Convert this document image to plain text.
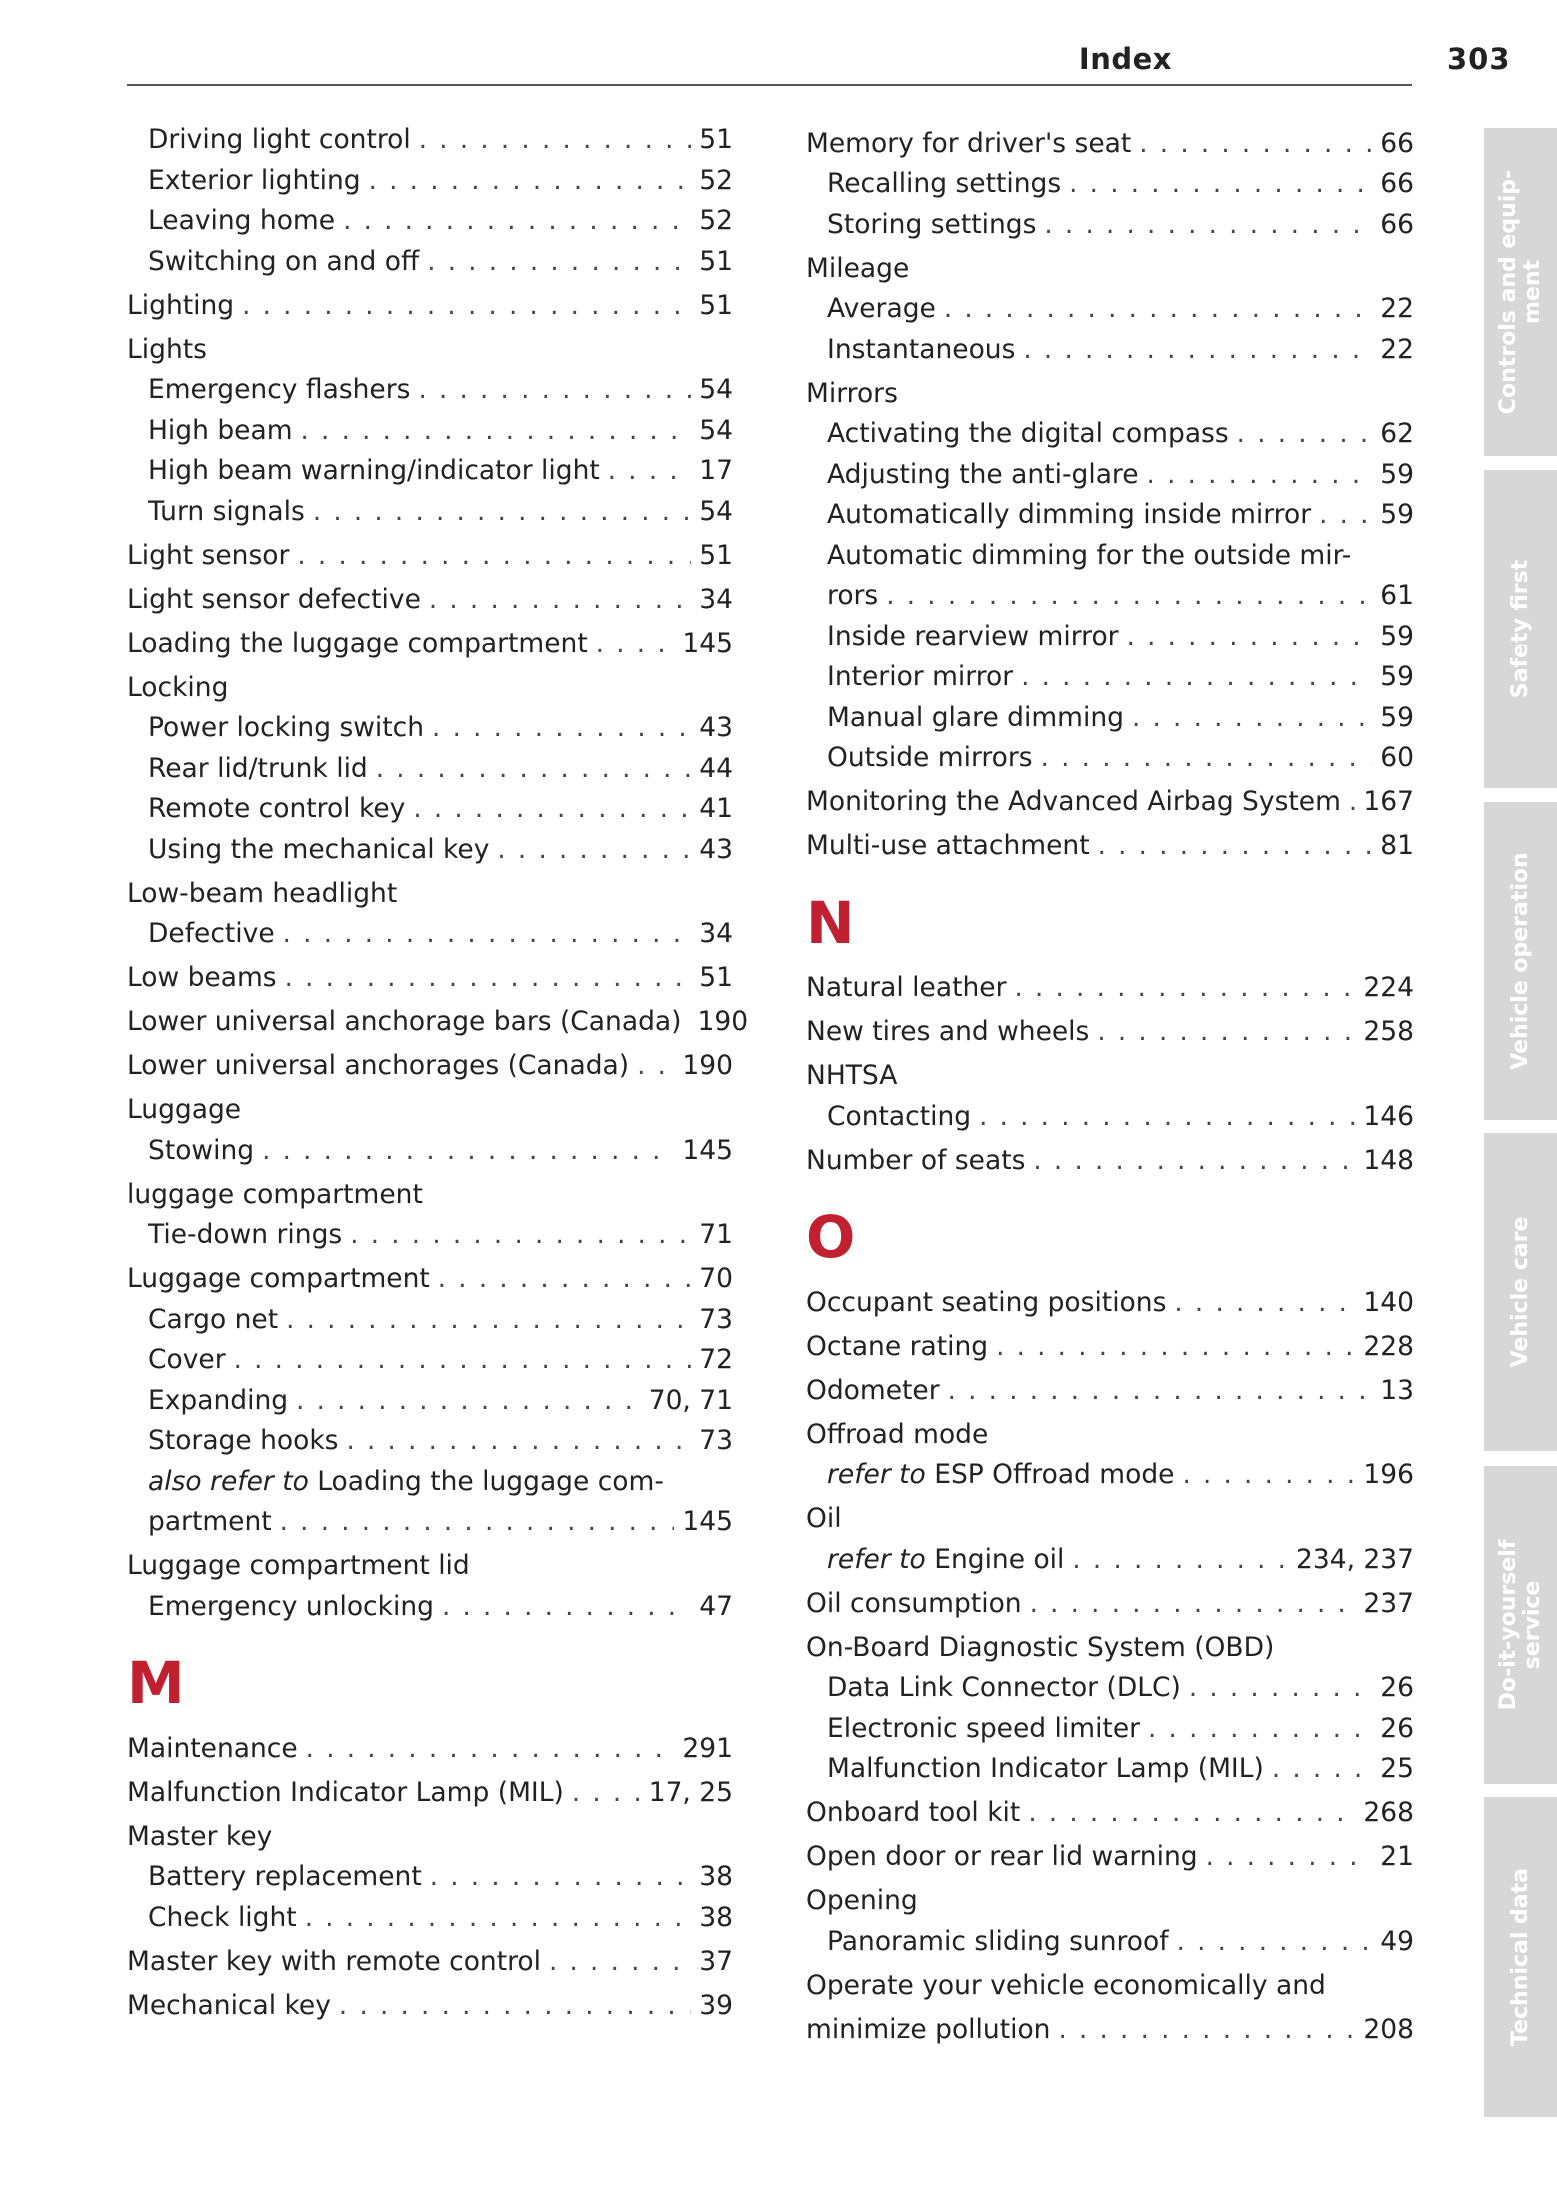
Index	303
Driving light control . . .	51
Exterior lighting . . .	52
Leaving home . . .	52
Switching on and off . . .	51
Lighting . . .	51
Lights
Emergency flashers . . .	54
High beam . . .	54
High beam warning/indicator light . . .	17
Turn signals . . .	54
Light sensor . . .	51
Light sensor defective . . .	34
Loading the luggage compartment . . .	145
Locking
Power locking switch . . .	43
Rear lid/trunk lid . . .	44
Remote control key . . .	41
Using the mechanical key . . .	43
Low-beam headlight
Defective . . .	34
Low beams . . .	51
Lower universal anchorage bars (Canada) 190
Lower universal anchorages (Canada) . . . 190
Luggage
Stowing . . .	145
luggage compartment
Tie-down rings . . .	71
Luggage compartment . . .	70
Cargo net . . .	73
Cover . . .	72
Expanding . . .	70, 71
Storage hooks . . .	73
also refer to Loading the luggage com-
partment . . .	145
Luggage compartment lid
Emergency unlocking . . .	47
M
Maintenance . . .	291
Malfunction Indicator Lamp (MIL) . . .	17, 25
Master key
Battery replacement . . .	38
Check light . . .	38
Master key with remote control . . .	37
Mechanical key . . .	39
Memory for driver's seat . . .	66
Recalling settings . . .	66
Storing settings . . .	66
Mileage
Average . . .	22
Instantaneous . . .	22
Mirrors
Activating the digital compass . . .	62
Adjusting the anti-glare . . .	59
Automatically dimming inside mirror . . .	59
Automatic dimming for the outside mir-
rors . . .	61
Inside rearview mirror . . .	59
Interior mirror . . .	59
Manual glare dimming . . .	59
Outside mirrors . . .	60
Monitoring the Advanced Airbag System . . . 167
Multi-use attachment . . .	81
N
Natural leather . . .	224
New tires and wheels . . .	258
NHTSA
Contacting . . .	146
Number of seats . . .	148
O
Occupant seating positions . . .	140
Octane rating . . .	228
Odometer . . .	13
Offroad mode
refer to ESP Offroad mode . . .	196
Oil
refer to Engine oil . . .	234, 237
Oil consumption . . .	237
On-Board Diagnostic System (OBD)
Data Link Connector (DLC) . . .	26
Electronic speed limiter . . .	26
Malfunction Indicator Lamp (MIL) . . .	25
Onboard tool kit . . .	268
Open door or rear lid warning . . .	21
Opening
Panoramic sliding sunroof . . .	49
Operate your vehicle economically and
minimize pollution . . .	208
Controls and equip-
ment
Safety first
Vehicle operation
Vehicle care
Do-it-yourself
service
Technical data
